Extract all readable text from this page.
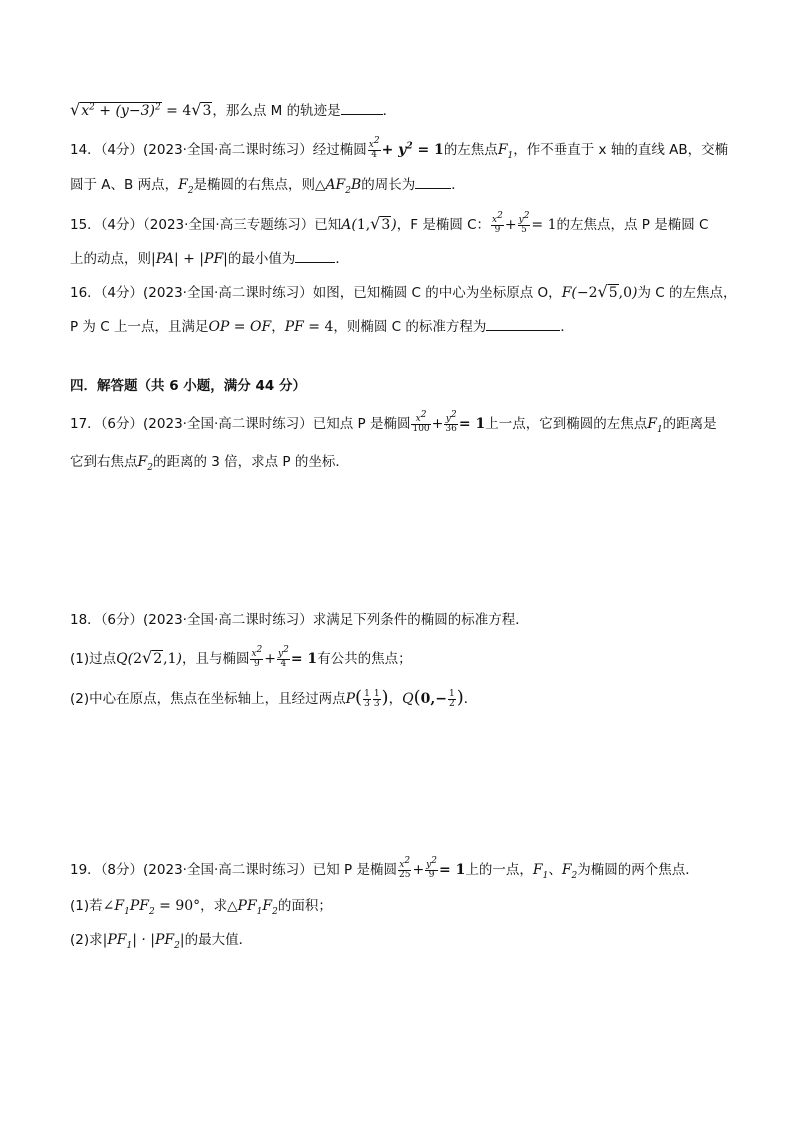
$√x^2 + (y-3)^2 = 4√3$，那么点 M 的轨迹是	．
14．（4分）(2023·全国·高二课时练习）经过椭圆 $\frac{x^2}{4} + y^2 = 1$的左焦点$F_1$，作不垂直于 x 轴的直线 AB，交椭
圆于 A、B 两点，$F_2$是椭圆的右焦点，则$\triangle AF_2B$的周长为	．
15．（4分）（2023·全国·高三专题练习）已知A(1,√3)，F 是椭圆 C： $\frac{x^2}{9} + \frac{y^2}{5} = 1$的左焦点，点 P 是椭圆 C
上的动点，则|PA| + |PF|的最小值为	．
16．（4分）(2023·全国·高二课时练习）如图，已知椭圆 C 的中心为坐标原点 O，F(−2√5,0)为 C 的左焦点，
P 为 C 上一点，且满足OP = OF，PF = 4，则椭圆 C 的标准方程为	．
四．解答题（共 6 小题，满分 44 分）
17．（6分）(2023·全国·高二课时练习）已知点 P 是椭圆 $\frac{x^2}{100} + \frac{y^2}{36} = 1$上一点，它到椭圆的左焦点$F_1$的距离是
它到右焦点$F_2$的距离的 3 倍，求点 P 的坐标．
18．（6分）(2023·全国·高二课时练习）求满足下列条件的椭圆的标准方程．
(1)过点Q(2√2,1)，且与椭圆 $\frac{x^2}{9} + \frac{y^2}{4} = 1$有公共的焦点；
(2)中心在原点，焦点在坐标轴上，且经过两点$P( \frac{1}{3} \frac{1}{3}$ )，$Q(0,- \frac{1}{2}$ )．
19．（8分）(2023·全国·高二课时练习）已知 P 是椭圆 $\frac{x^2}{25} + \frac{y^2}{9} = 1$上的一点，$F_1$、$F_2$为椭圆的两个焦点．
(1)若$\angle F_1PF_2 = 90^\circ$，求$\triangle PF_1F_2$的面积；
(2)求$|PF_1| \cdot |PF_2|$的最大值．
